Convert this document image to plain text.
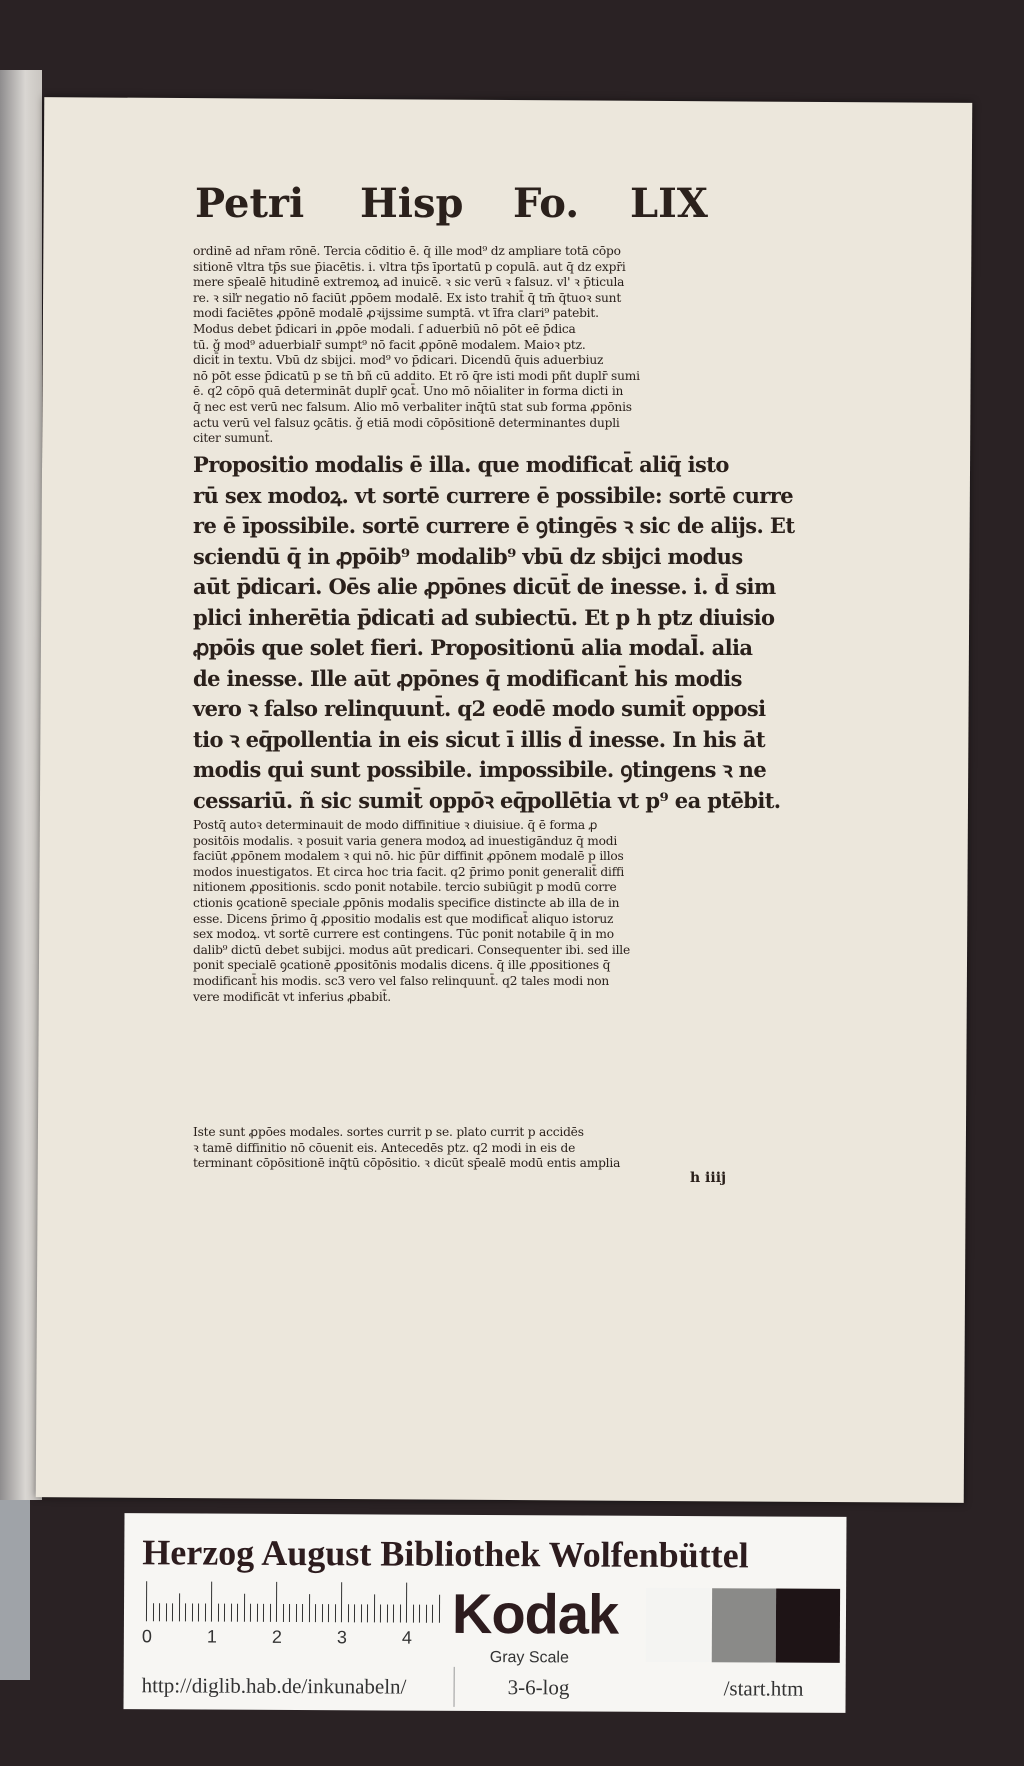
Petri Hisp Fo. LIX
ordinē ad nr̄am rōnē. Tercia cōditio ē. q̄ ille mod⁹ dz ampliare totā cōpo
sitionē vltra tp̄s sue p̄iacētis. i. vltra tp̄s īportatū p copulā. aut q̄ dz expr̄i
mere sp̄ealē hitudinē extremoꝝ ad inuicē. ꝛ sic verū ꝛ falsuz. vl' ꝛ p̄ticula
re. ꝛ siľr negatio nō faciūt ꝓpōem modalē. Ex isto trahit̄ q̄ tm̄ q̄tuoꝛ sunt
modi faciētes ꝓpōnē modalē ꝓꝛijssime sumptā. vt īfra clari⁹ patebit.
Modus debet p̄dicari in ꝓpōe modali. ſ aduerbiū nō pōt eē p̄dica
tū. ǧ mod⁹ aduerbialr̄ sumpt⁹ nō facit ꝓpōnē modalem. Maioꝛ ptz.
dicit̄ in textu. Vbū dz sbijci. mod⁹ vo p̄dicari. Dicendū q̄uis aduerbiuz
nō pōt esse p̄dicatū p se tn̄ bñ cū addito. Et rō q̄re isti modi pñt duplr̄ sumi
ē. q2 cōpō quā determināt duplr̄ ꝯcat̄. Uno mō nōialiter in forma dicti in
q̄ nec est verū nec falsum. Alio mō verbaliter inq̄tū stat sub forma ꝓpōnis
actu verū vel falsuz ꝯcātis. ǧ etiā modi cōpōsitionē determinantes dupli
citer sumunt̄.
Propositio modalis ē illa. que modificat̄ aliq̄ isto
rū sex modoꝝ. vt sortē currere ē possibile: sortē curre
re ē īpossibile. sortē currere ē ꝯtingēs ꝛ sic de alijs. Et
sciendū q̄ in ꝓpōib⁹ modalib⁹ vbū dz sbijci modus
aūt p̄dicari. Oēs alie ꝓpōnes dicūt̄ de inesse. i. d̄ sim
plici inherētia p̄dicati ad subiectū. Et p h ptz diuisio
ꝓpōis que solet fieri. Propositionū alia modal̄. alia
de inesse. Ille aūt ꝓpōnes q̄ modificant̄ his modis
vero ꝛ falso relinquunt̄. q2 eodē modo sumit̄ opposi
tio ꝛ eq̄pollentia in eis sicut ī illis d̄ inesse. In his āt
modis qui sunt possibile. impossibile. ꝯtingens ꝛ ne
cessariū. ñ sic sumit̄ oppōꝛ eq̄pollētia vt p⁹ ea ptēbit.
Postq̄ autoꝛ determinauit de modo diffinitiue ꝛ diuisiue. q̄ ē forma ꝓ
positōis modalis. ꝛ posuit varia genera modoꝝ ad inuestigānduz q̄ modi
faciūt ꝓpōnem modalem ꝛ qui nō. hic p̄ūr diffinit ꝓpōnem modalē p illos
modos inuestigatos. Et circa hoc tria facit. q2 p̄rimo ponit generalit̄ diffi
nitionem ꝓpositionis. scdo ponit notabile. tercio subiūgit p modū corre
ctionis ꝯcationē speciale ꝓpōnis modalis specifice distincte ab illa de in
esse. Dicens p̄rimo q̄ ꝓpositio modalis est que modificat̄ aliquo istoruz
sex modoꝝ. vt sortē currere est contingens. Tūc ponit notabile q̄ in mo
dalib⁹ dictū debet subijci. modus aūt predicari. Consequenter ibi. sed ille
ponit specialē ꝯcationē ꝓpositōnis modalis dicens. q̄ ille ꝓpositiones q̄
modificant̄ his modis. sc3 vero vel falso relinquunt̄. q2 tales modi non
vere modificāt vt inferius ꝓbabit̄.
Iste sunt ꝓpōes modales. sortes currit p se. plato currit p accidēs
ꝛ tamē diffinitio nō cōuenit eis. Antecedēs ptz. q2 modi in eis de
terminant cōpōsitionē inq̄tū cōpōsitio. ꝛ dicūt sp̄ealē modū entis amplia
h iiij
Herzog August Bibliothek Wolfenbüttel
0	1	2	3	4 Kodak
Gray Scale
http://diglib.hab.de/inkunabeln/	3-6-log	/start.htm
